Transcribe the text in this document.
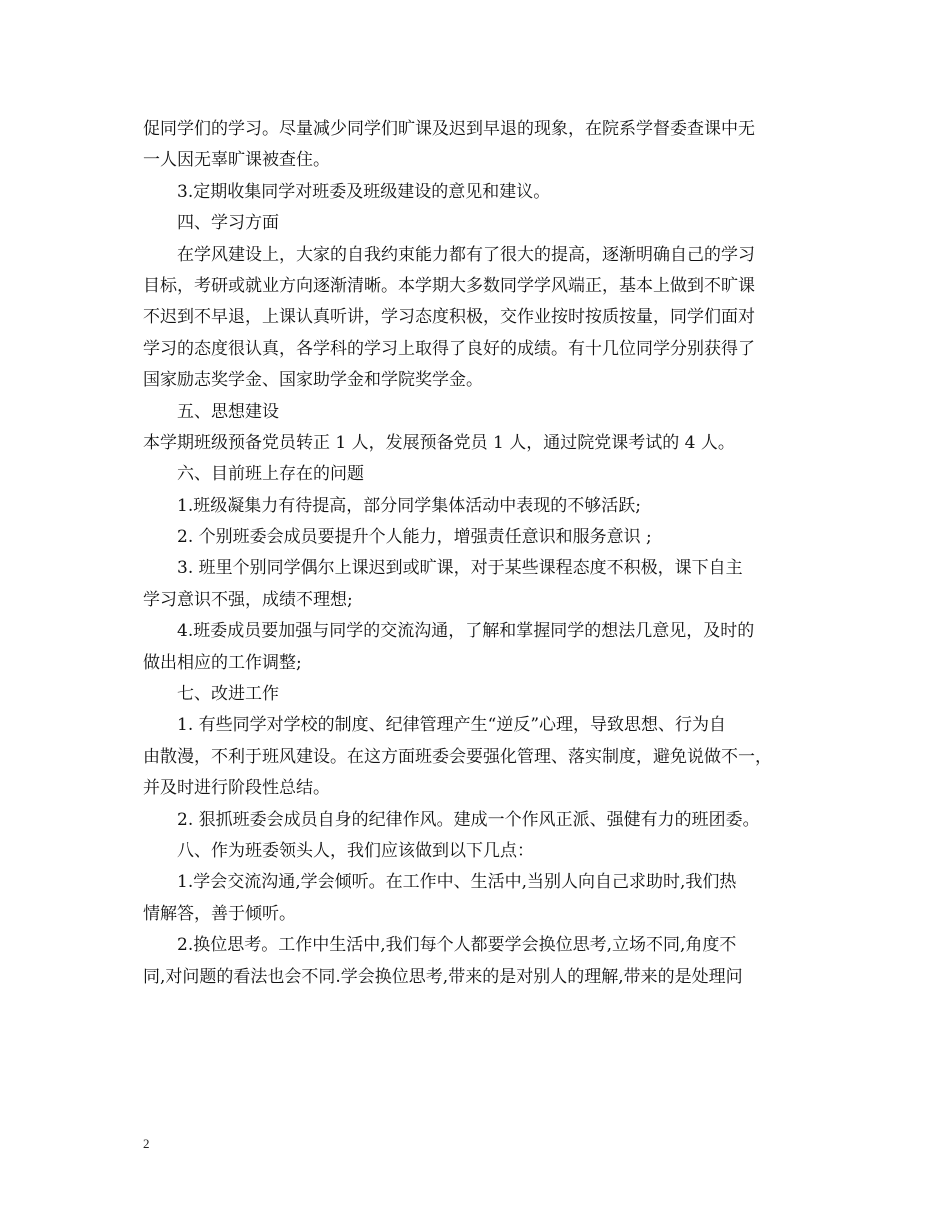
促同学们的学习。尽量减少同学们旷课及迟到早退的现象，在院系学督委查课中无
一人因无辜旷课被查住。
3.定期收集同学对班委及班级建设的意见和建议。
四、学习方面
在学风建设上，大家的自我约束能力都有了很大的提高，逐渐明确自己的学习
目标，考研或就业方向逐渐清晰。本学期大多数同学学风端正，基本上做到不旷课
不迟到不早退，上课认真听讲，学习态度积极，交作业按时按质按量，同学们面对
学习的态度很认真，各学科的学习上取得了良好的成绩。有十几位同学分别获得了
国家励志奖学金、国家助学金和学院奖学金。
五、思想建设
本学期班级预备党员转正 1 人，发展预备党员 1 人，通过院党课考试的 4 人。
六、目前班上存在的问题
1.班级凝集力有待提高，部分同学集体活动中表现的不够活跃;
2. 个别班委会成员要提升个人能力，增强责任意识和服务意识 ;
3. 班里个别同学偶尔上课迟到或旷课，对于某些课程态度不积极，课下自主
学习意识不强，成绩不理想;
4.班委成员要加强与同学的交流沟通，了解和掌握同学的想法几意见，及时的
做出相应的工作调整;
七、改进工作
1. 有些同学对学校的制度、纪律管理产生“逆反”心理，导致思想、行为自
由散漫，不利于班风建设。在这方面班委会要强化管理、落实制度，避免说做不一，
并及时进行阶段性总结。
2. 狠抓班委会成员自身的纪律作风。建成一个作风正派、强健有力的班团委。
八、作为班委领头人，我们应该做到以下几点：
1.学会交流沟通,学会倾听。在工作中、生活中,当别人向自己求助时,我们热
情解答，善于倾听。
2.换位思考。工作中生活中,我们每个人都要学会换位思考,立场不同,角度不
同,对问题的看法也会不同.学会换位思考,带来的是对别人的理解,带来的是处理问
2
